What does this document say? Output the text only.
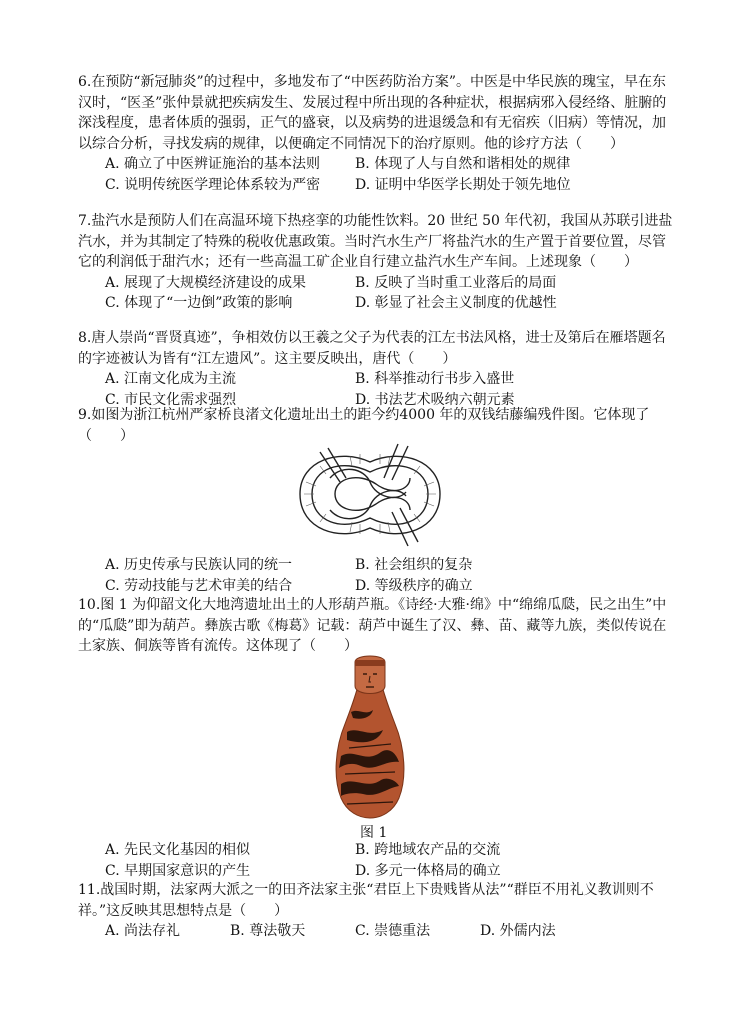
6.在预防“新冠肺炎”的过程中，多地发布了“中医药防治方案”。中医是中华民族的瑰宝，早在东汉时，“医圣”张仲景就把疾病发生、发展过程中所出现的各种症状，根据病邪入侵经络、脏腑的深浅程度，患者体质的强弱，正气的盛衰，以及病势的进退缓急和有无宿疾（旧病）等情况，加以综合分析，寻找发病的规律，以便确定不同情况下的治疗原则。他的诊疗方法（　　）

A. 确立了中医辨证施治的基本法则	B. 体现了人与自然和谐相处的规律
C. 说明传统医学理论体系较为严密	D. 证明中华医学长期处于领先地位

7.盐汽水是预防人们在高温环境下热痉挛的功能性饮料。20 世纪 50 年代初，我国从苏联引进盐汽水，并为其制定了特殊的税收优惠政策。当时汽水生产厂将盐汽水的生产置于首要位置，尽管它的利润低于甜汽水；还有一些高温工矿企业自行建立盐汽水生产车间。上述现象（　　）

A. 展现了大规模经济建设的成果	B. 反映了当时重工业落后的局面
C. 体现了“一边倒”政策的影响	D. 彰显了社会主义制度的优越性

8.唐人崇尚“晋贤真迹”，争相效仿以王羲之父子为代表的江左书法风格，进士及第后在雁塔题名的字迹被认为皆有“江左遗风”。这主要反映出，唐代（　　）

A. 江南文化成为主流	B. 科举推动行书步入盛世
C. 市民文化需求强烈	D. 书法艺术吸纳六朝元素

9.如图为浙江杭州严家桥良渚文化遗址出土的距今约4000 年的双钱结藤编残件图。它体现了（　　）

A. 历史传承与民族认同的统一	B. 社会组织的复杂
C. 劳动技能与艺术审美的结合	D. 等级秩序的确立

10.图 1 为仰韶文化大地湾遗址出土的人形葫芦瓶。《诗经·大雅·绵》中“绵绵瓜瓞，民之出生”中的“瓜瓞”即为葫芦。彝族古歌《梅葛》记载：葫芦中诞生了汉、彝、苗、藏等九族，类似传说在土家族、侗族等皆有流传。这体现了（　　）

图 1
A. 先民文化基因的相似	B. 跨地域农产品的交流
C. 早期国家意识的产生	D. 多元一体格局的确立

11.战国时期，法家两大派之一的田齐法家主张“君臣上下贵贱皆从法”“群臣不用礼义教训则不祥。”这反映其思想特点是（　　）

A. 尚法存礼	B. 尊法敬天	C. 崇德重法	D. 外儒内法
